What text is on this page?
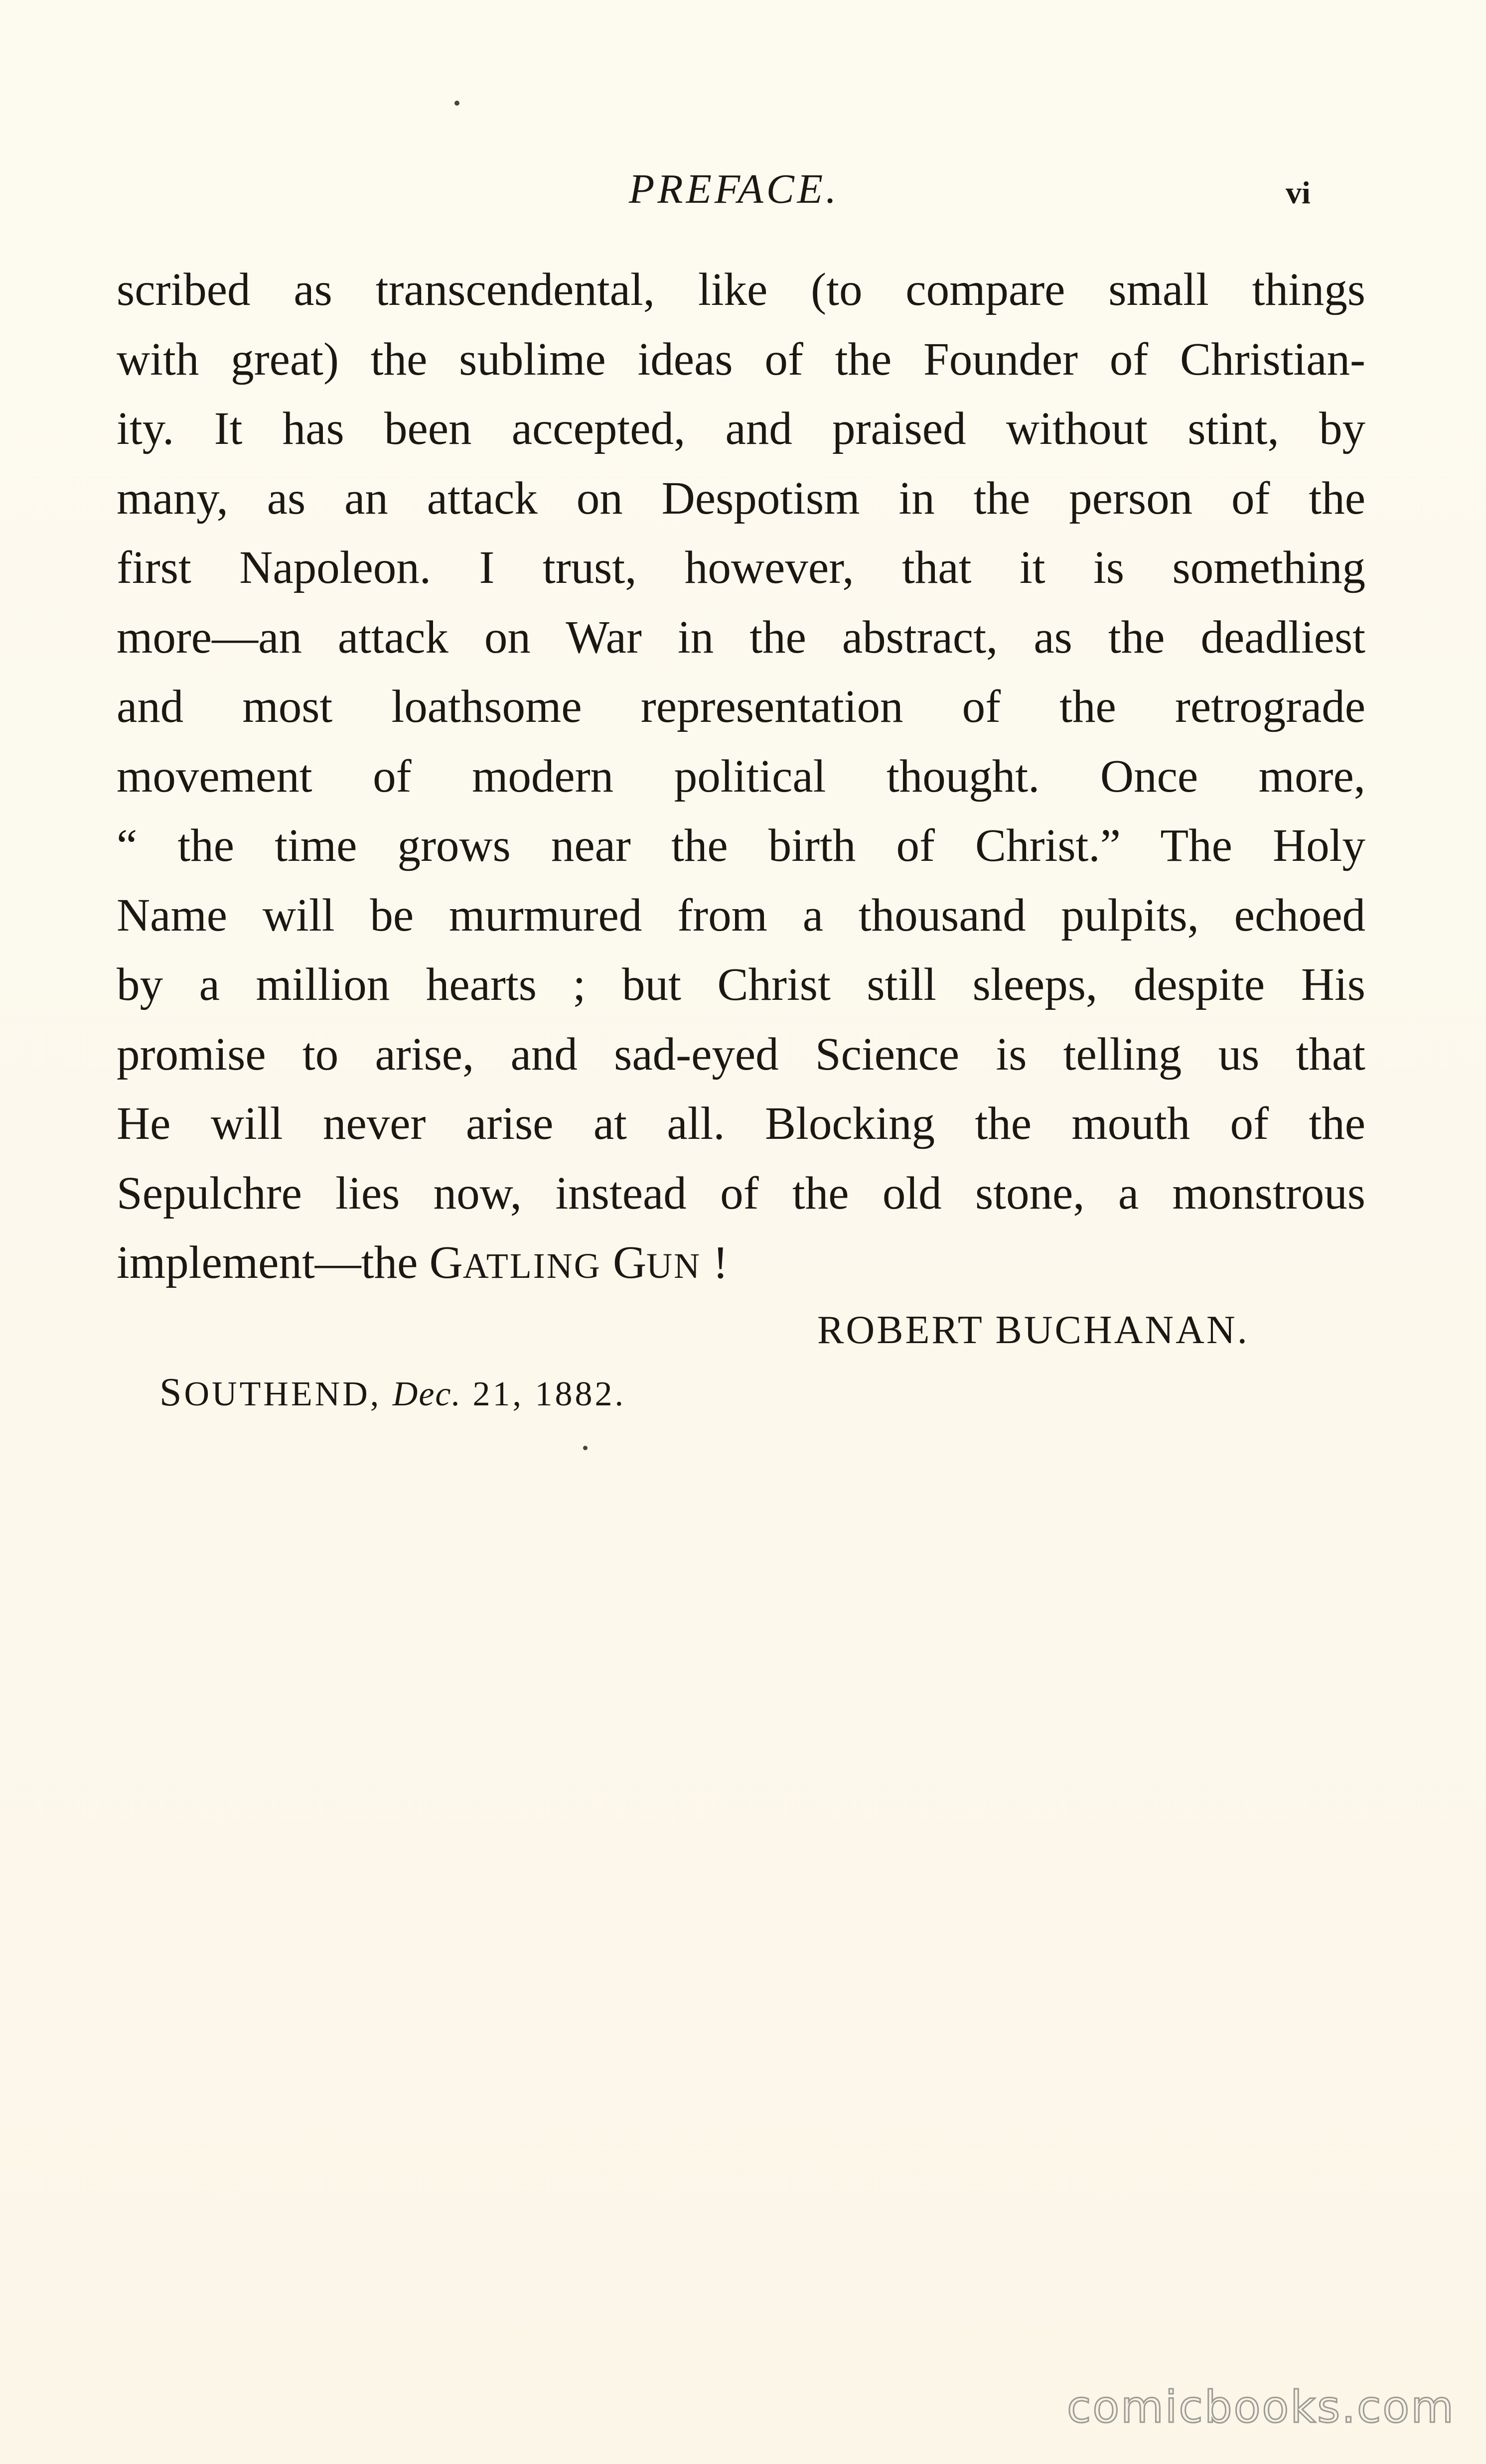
PREFACE.	vi
scribed as transcendental, like (to compare small things
with great) the sublime ideas of the Founder of Christian-
ity. It has been accepted, and praised without stint, by
many, as an attack on Despotism in the person of the
first Napoleon. I trust, however, that it is something
more—an attack on War in the abstract, as the deadliest
and most loathsome representation of the retrograde
movement of modern political thought. Once more,
“ the time grows near the birth of Christ.” The Holy
Name will be murmured from a thousand pulpits, echoed
by a million hearts ; but Christ still sleeps, despite His
promise to arise, and sad-eyed Science is telling us that
He will never arise at all. Blocking the mouth of the
Sepulchre lies now, instead of the old stone, a monstrous
implement—the GATLING GUN !
ROBERT BUCHANAN.
SOUTHEND, Dec. 21, 1882.
comicbooks.com
